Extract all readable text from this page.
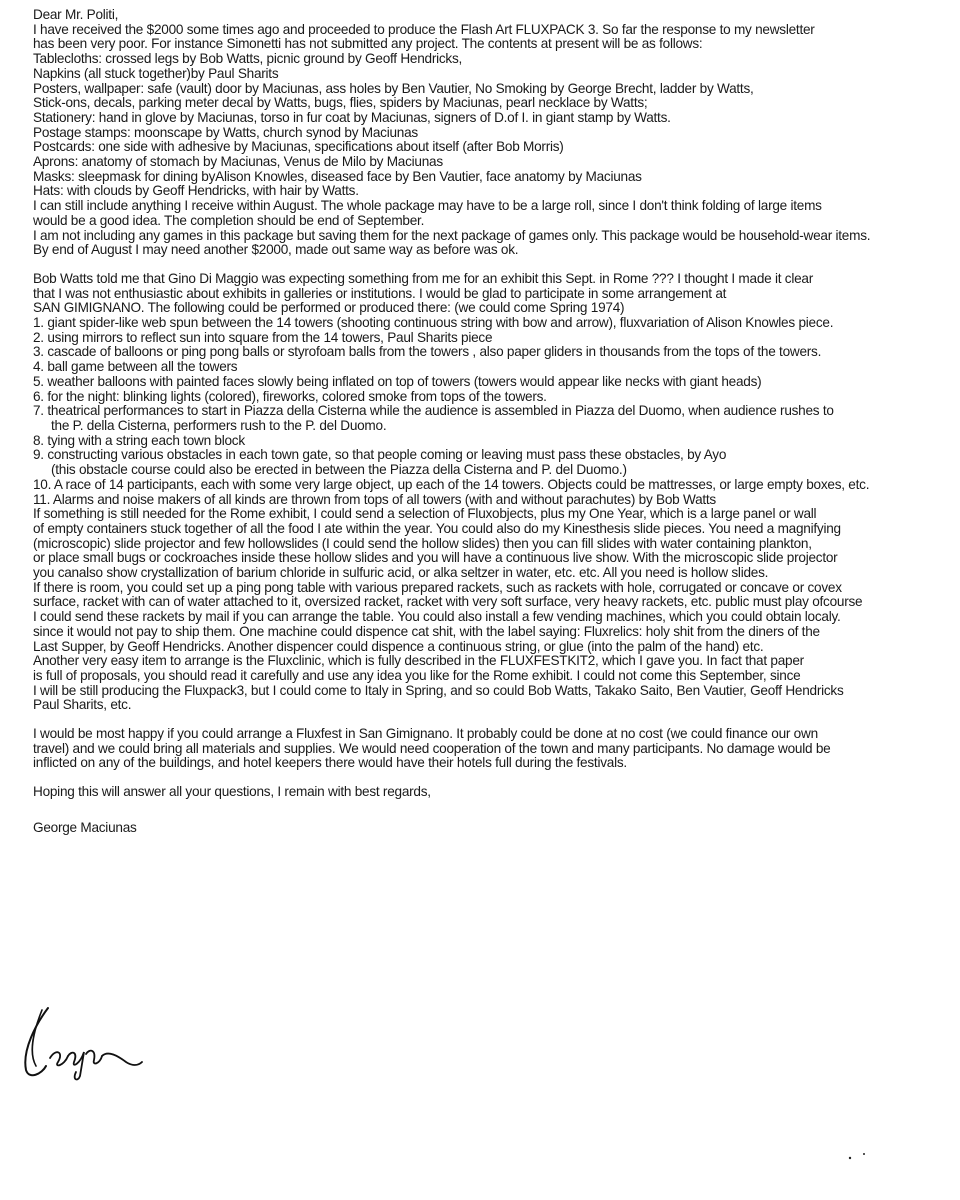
Dear Mr. Politi,
I have received the $2000 some times ago and proceeded to produce the Flash Art FLUXPACK 3. So far the response to my newsletter
has been very poor. For instance Simonetti has not submitted any project. The contents at present will be as follows:
Tablecloths: crossed legs by Bob Watts, picnic ground by Geoff Hendricks,
Napkins (all stuck together)by Paul Sharits
Posters, wallpaper: safe (vault) door by Maciunas, ass holes by Ben Vautier, No Smoking by George Brecht, ladder by Watts,
Stick-ons, decals, parking meter decal by Watts, bugs, flies, spiders by Maciunas, pearl necklace by Watts;
Stationery: hand in glove by Maciunas, torso in fur coat by Maciunas, signers of D.of I. in giant stamp by Watts.
Postage stamps: moonscape by Watts, church synod by Maciunas
Postcards: one side with adhesive by Maciunas, specifications about itself (after Bob Morris)
Aprons: anatomy of stomach by Maciunas, Venus de Milo by Maciunas
Masks: sleepmask for dining byAlison Knowles, diseased face by Ben Vautier, face anatomy by Maciunas
Hats: with clouds by Geoff Hendricks, with hair by Watts.
I can still include anything I receive within August. The whole package may have to be a large roll, since I don't think folding of large items
would be a good idea. The completion should be end of September.
I am not including any games in this package but saving them for the next package of games only. This package would be household-wear items.
By end of August I may need another $2000, made out same way as before was ok.
Bob Watts told me that Gino Di Maggio was expecting something from me for an exhibit this Sept. in Rome ??? I thought I made it clear
that I was not enthusiastic about exhibits in galleries or institutions. I would be glad to participate in some arrangement at
SAN GIMIGNANO. The following could be performed or produced there: (we could come Spring 1974)
1. giant spider-like web spun between the 14 towers (shooting continuous string with bow and arrow), fluxvariation of Alison Knowles piece.
2. using mirrors to reflect sun into square from the 14 towers, Paul Sharits piece
3. cascade of balloons or ping pong balls or styrofoam balls from the towers , also paper gliders in thousands from the tops of the towers.
4. ball game between all the towers
5. weather balloons with painted faces slowly being inflated on top of towers (towers would appear like necks with giant heads)
6. for the night: blinking lights (colored), fireworks, colored smoke from tops of the towers.
7. theatrical performances to start in Piazza della Cisterna while the audience is assembled in Piazza del Duomo, when audience rushes to
the P. della Cisterna, performers rush to the P. del Duomo.
8. tying with a string each town block
9. constructing various obstacles in each town gate, so that people coming or leaving must pass these obstacles, by Ayo
(this obstacle course could also be erected in between the Piazza della Cisterna and P. del Duomo.)
10. A race of 14 participants, each with some very large object, up each of the 14 towers. Objects could be mattresses, or large empty boxes, etc.
11. Alarms and noise makers of all kinds are thrown from tops of all towers (with and without parachutes) by Bob Watts
If something is still needed for the Rome exhibit, I could send a selection of Fluxobjects, plus my One Year, which is a large panel or wall
of empty containers stuck together of all the food I ate within the year. You could also do my Kinesthesis slide pieces. You need a magnifying
(microscopic) slide projector and few hollowslides (I could send the hollow slides) then you can fill slides with water containing plankton,
or place small bugs or cockroaches inside these hollow slides and you will have a continuous live show. With the microscopic slide projector
you canalso show crystallization of barium chloride in sulfuric acid, or alka seltzer in water, etc. etc. All you need is hollow slides.
If there is room, you could set up a ping pong table with various prepared rackets, such as rackets with hole, corrugated or concave or covex
surface, racket with can of water attached to it, oversized racket, racket with very soft surface, very heavy rackets, etc. public must play ofcourse
I could send these rackets by mail if you can arrange the table. You could also install a few vending machines, which you could obtain localy.
since it would not pay to ship them. One machine could dispence cat shit, with the label saying: Fluxrelics: holy shit from the diners of the
Last Supper, by Geoff Hendricks. Another dispencer could dispence a continuous string, or glue (into the palm of the hand) etc.
Another very easy item to arrange is the Fluxclinic, which is fully described in the FLUXFESTKIT2, which I gave you. In fact that paper
is full of proposals, you should read it carefully and use any idea you like for the Rome exhibit. I could not come this September, since
I will be still producing the Fluxpack3, but I could come to Italy in Spring, and so could Bob Watts, Takako Saito, Ben Vautier, Geoff Hendricks
Paul Sharits, etc.
I would be most happy if you could arrange a Fluxfest in San Gimignano. It probably could be done at no cost (we could finance our own
travel) and we could bring all materials and supplies. We would need cooperation of the town and many participants. No damage would be
inflicted on any of the buildings, and hotel keepers there would have their hotels full during the festivals.
Hoping this will answer all your questions, I remain with best regards,
George Maciunas
